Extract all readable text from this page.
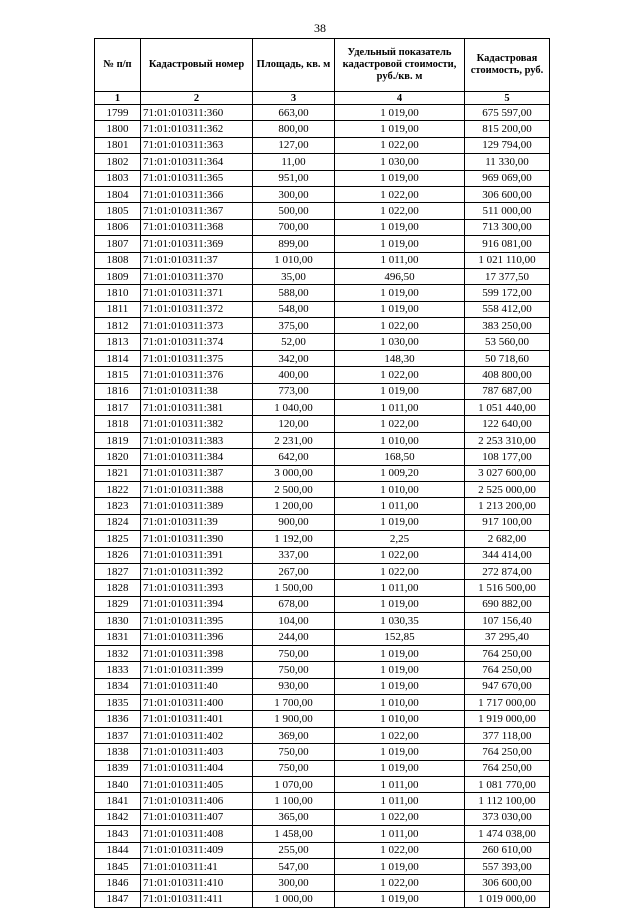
38
№ п/п	Кадастровый номер	Площадь, кв. м	Удельный показатель кадастровой стоимости, руб./кв. м	Кадастровая стоимость, руб.
1	2	3	4	5
1799	71:01:010311:360	663,00	1 019,00	675 597,00
1800	71:01:010311:362	800,00	1 019,00	815 200,00
1801	71:01:010311:363	127,00	1 022,00	129 794,00
1802	71:01:010311:364	11,00	1 030,00	11 330,00
1803	71:01:010311:365	951,00	1 019,00	969 069,00
1804	71:01:010311:366	300,00	1 022,00	306 600,00
1805	71:01:010311:367	500,00	1 022,00	511 000,00
1806	71:01:010311:368	700,00	1 019,00	713 300,00
1807	71:01:010311:369	899,00	1 019,00	916 081,00
1808	71:01:010311:37	1 010,00	1 011,00	1 021 110,00
1809	71:01:010311:370	35,00	496,50	17 377,50
1810	71:01:010311:371	588,00	1 019,00	599 172,00
1811	71:01:010311:372	548,00	1 019,00	558 412,00
1812	71:01:010311:373	375,00	1 022,00	383 250,00
1813	71:01:010311:374	52,00	1 030,00	53 560,00
1814	71:01:010311:375	342,00	148,30	50 718,60
1815	71:01:010311:376	400,00	1 022,00	408 800,00
1816	71:01:010311:38	773,00	1 019,00	787 687,00
1817	71:01:010311:381	1 040,00	1 011,00	1 051 440,00
1818	71:01:010311:382	120,00	1 022,00	122 640,00
1819	71:01:010311:383	2 231,00	1 010,00	2 253 310,00
1820	71:01:010311:384	642,00	168,50	108 177,00
1821	71:01:010311:387	3 000,00	1 009,20	3 027 600,00
1822	71:01:010311:388	2 500,00	1 010,00	2 525 000,00
1823	71:01:010311:389	1 200,00	1 011,00	1 213 200,00
1824	71:01:010311:39	900,00	1 019,00	917 100,00
1825	71:01:010311:390	1 192,00	2,25	2 682,00
1826	71:01:010311:391	337,00	1 022,00	344 414,00
1827	71:01:010311:392	267,00	1 022,00	272 874,00
1828	71:01:010311:393	1 500,00	1 011,00	1 516 500,00
1829	71:01:010311:394	678,00	1 019,00	690 882,00
1830	71:01:010311:395	104,00	1 030,35	107 156,40
1831	71:01:010311:396	244,00	152,85	37 295,40
1832	71:01:010311:398	750,00	1 019,00	764 250,00
1833	71:01:010311:399	750,00	1 019,00	764 250,00
1834	71:01:010311:40	930,00	1 019,00	947 670,00
1835	71:01:010311:400	1 700,00	1 010,00	1 717 000,00
1836	71:01:010311:401	1 900,00	1 010,00	1 919 000,00
1837	71:01:010311:402	369,00	1 022,00	377 118,00
1838	71:01:010311:403	750,00	1 019,00	764 250,00
1839	71:01:010311:404	750,00	1 019,00	764 250,00
1840	71:01:010311:405	1 070,00	1 011,00	1 081 770,00
1841	71:01:010311:406	1 100,00	1 011,00	1 112 100,00
1842	71:01:010311:407	365,00	1 022,00	373 030,00
1843	71:01:010311:408	1 458,00	1 011,00	1 474 038,00
1844	71:01:010311:409	255,00	1 022,00	260 610,00
1845	71:01:010311:41	547,00	1 019,00	557 393,00
1846	71:01:010311:410	300,00	1 022,00	306 600,00
1847	71:01:010311:411	1 000,00	1 019,00	1 019 000,00
